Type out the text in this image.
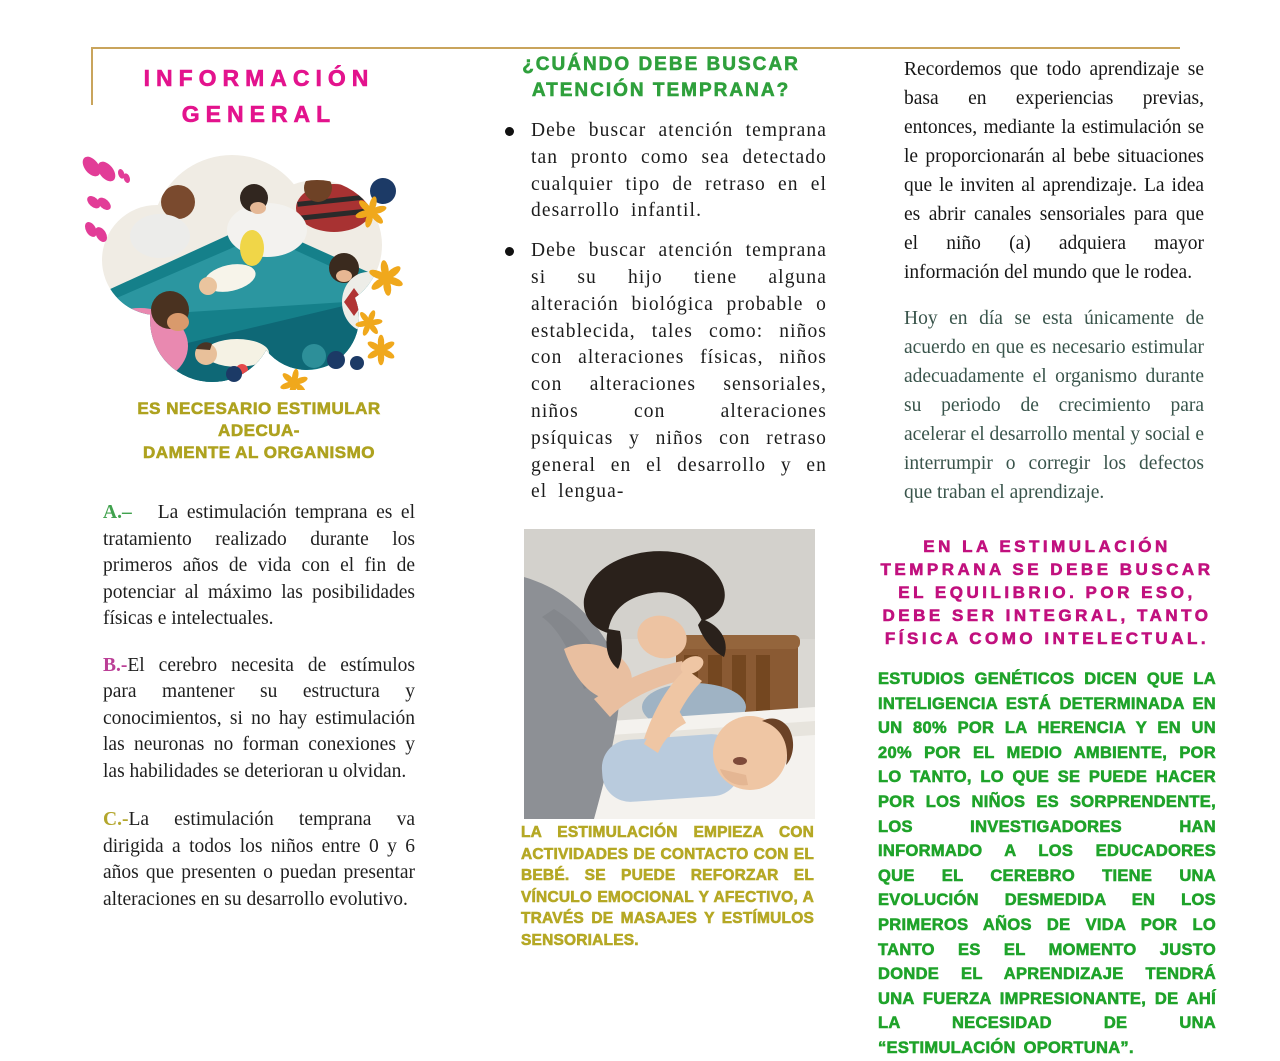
INFORMACIÓN
GENERAL
ES NECESARIO ESTIMULAR ADECUA-
DAMENTE AL ORGANISMO

A.– La estimulación temprana es el tratamiento realizado durante los primeros años de vida con el fin de potenciar al máximo las posibilidades físicas e intelectuales.

B.-El cerebro necesita de estímulos para mantener su estructura y conocimientos, si no hay estimulación las neuronas no forman conexiones y las habilidades se deterioran u olvidan.

C.-La estimulación temprana va dirigida a todos los niños entre 0 y 6 años que presenten o puedan presentar alteraciones en su desarrollo evolutivo.

¿CUÁNDO DEBE BUSCAR
ATENCIÓN TEMPRANA?
Debe buscar atención temprana tan pronto como sea detectado cualquier tipo de retraso en el desarrollo infantil.
Debe buscar atención temprana si su hijo tiene alguna alteración biológica probable o establecida, tales como: niños con alteraciones físicas, niños con alteraciones sensoriales, niños con alteraciones psíquicas y niños con retraso general en el desarrollo y en el lengua-

LA ESTIMULACIÓN EMPIEZA CON ACTIVIDADES DE CONTACTO CON EL BEBÉ. SE PUEDE REFORZAR EL VÍNCULO EMOCIONAL Y AFECTIVO, A TRAVÉS DE MASAJES Y ESTÍMULOS SENSORIALES.

Recordemos que todo aprendizaje se basa en experiencias previas, entonces, mediante la estimulación se le proporcionarán al bebe situaciones que le inviten al aprendizaje. La idea es abrir canales sensoriales para que el niño (a) adquiera mayor información del mundo que le rodea.

Hoy en día se esta únicamente de acuerdo en que es necesario estimular adecuadamente el organismo durante su periodo de crecimiento para acelerar el desarrollo mental y social e interrumpir o corregir los defectos que traban el aprendizaje.

EN LA ESTIMULACIÓN TEMPRANA SE DEBE BUSCAR EL EQUILIBRIO. POR ESO, DEBE SER INTEGRAL, TANTO FÍSICA COMO INTELECTUAL.

ESTUDIOS GENÉTICOS DICEN QUE LA INTELIGENCIA ESTÁ DETERMINADA EN UN 80% POR LA HERENCIA Y EN UN 20% POR EL MEDIO AMBIENTE, POR LO TANTO, LO QUE SE PUEDE HACER POR LOS NIÑOS ES SORPRENDENTE, LOS INVESTIGADORES HAN INFORMADO A LOS EDUCADORES QUE EL CEREBRO TIENE UNA EVOLUCIÓN DESMEDIDA EN LOS PRIMEROS AÑOS DE VIDA POR LO TANTO ES EL MOMENTO JUSTO DONDE EL APRENDIZAJE TENDRÁ UNA FUERZA IMPRESIONANTE, DE AHÍ LA NECESIDAD DE UNA “ESTIMULACIÓN OPORTUNA”.
